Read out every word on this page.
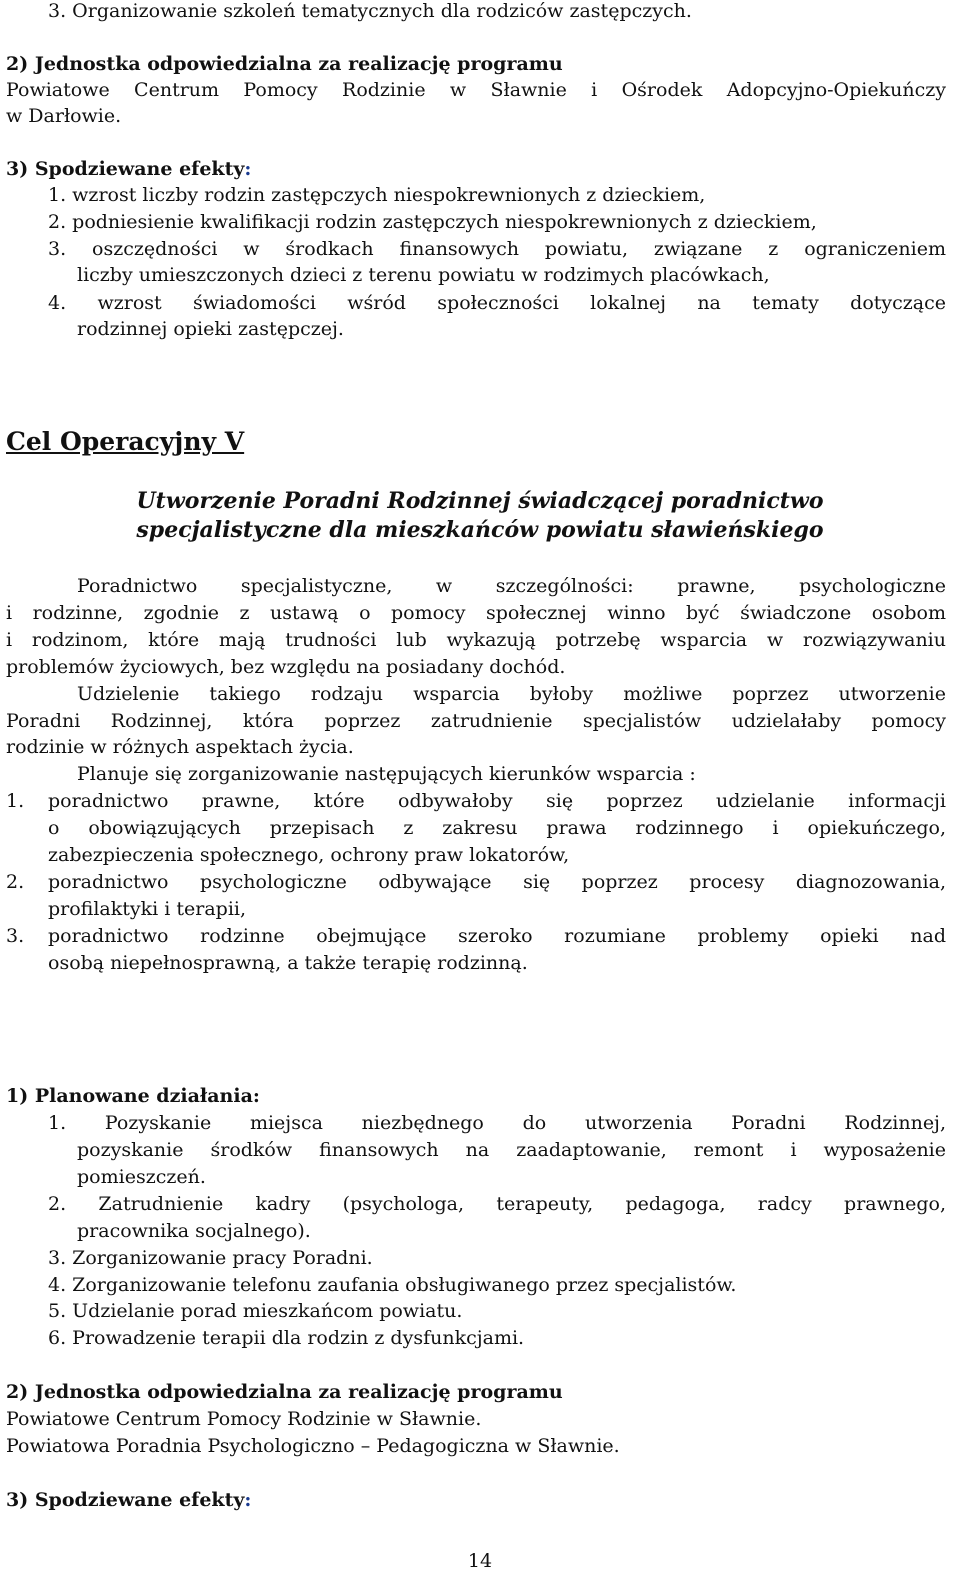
3. Organizowanie szkoleń tematycznych dla rodziców zastępczych.
2) Jednostka odpowiedzialna za realizację programu
Powiatowe Centrum Pomocy Rodzinie w Sławnie i Ośrodek Adopcyjno-Opiekuńczy
w Darłowie.
3) Spodziewane efekty:
1. wzrost liczby rodzin zastępczych niespokrewnionych z dzieckiem,
2. podniesienie kwalifikacji rodzin zastępczych niespokrewnionych z dzieckiem,
3. oszczędności w środkach finansowych powiatu, związane z ograniczeniem
liczby umieszczonych dzieci z terenu powiatu w rodzimych placówkach,
4. wzrost świadomości wśród społeczności lokalnej na tematy dotyczące
rodzinnej opieki zastępczej.
Cel Operacyjny V
Utworzenie Poradni Rodzinnej świadczącej poradnictwo
specjalistyczne dla mieszkańców powiatu sławieńskiego
Poradnictwo specjalistyczne, w szczególności: prawne, psychologiczne
i rodzinne, zgodnie z ustawą o pomocy społecznej winno być świadczone osobom
i rodzinom, które mają trudności lub wykazują potrzebę wsparcia w rozwiązywaniu
problemów życiowych, bez względu na posiadany dochód.
Udzielenie takiego rodzaju wsparcia byłoby możliwe poprzez utworzenie
Poradni Rodzinnej, która poprzez zatrudnienie specjalistów udzielałaby pomocy
rodzinie w różnych aspektach życia.
Planuje się zorganizowanie następujących kierunków wsparcia :
1. poradnictwo prawne, które odbywałoby się poprzez udzielanie informacji
o obowiązujących przepisach z zakresu prawa rodzinnego i opiekuńczego,
zabezpieczenia społecznego, ochrony praw lokatorów,
2. poradnictwo psychologiczne odbywające się poprzez procesy diagnozowania,
profilaktyki i terapii,
3. poradnictwo rodzinne obejmujące szeroko rozumiane problemy opieki nad
osobą niepełnosprawną, a także terapię rodzinną.
1) Planowane działania:
1. Pozyskanie miejsca niezbędnego do utworzenia Poradni Rodzinnej,
pozyskanie środków finansowych na zaadaptowanie, remont i wyposażenie
pomieszczeń.
2. Zatrudnienie kadry (psychologa, terapeuty, pedagoga, radcy prawnego,
pracownika socjalnego).
3. Zorganizowanie pracy Poradni.
4. Zorganizowanie telefonu zaufania obsługiwanego przez specjalistów.
5. Udzielanie porad mieszkańcom powiatu.
6. Prowadzenie terapii dla rodzin z dysfunkcjami.
2) Jednostka odpowiedzialna za realizację programu
Powiatowe Centrum Pomocy Rodzinie w Sławnie.
Powiatowa Poradnia Psychologiczno – Pedagogiczna w Sławnie.
3) Spodziewane efekty:
14
